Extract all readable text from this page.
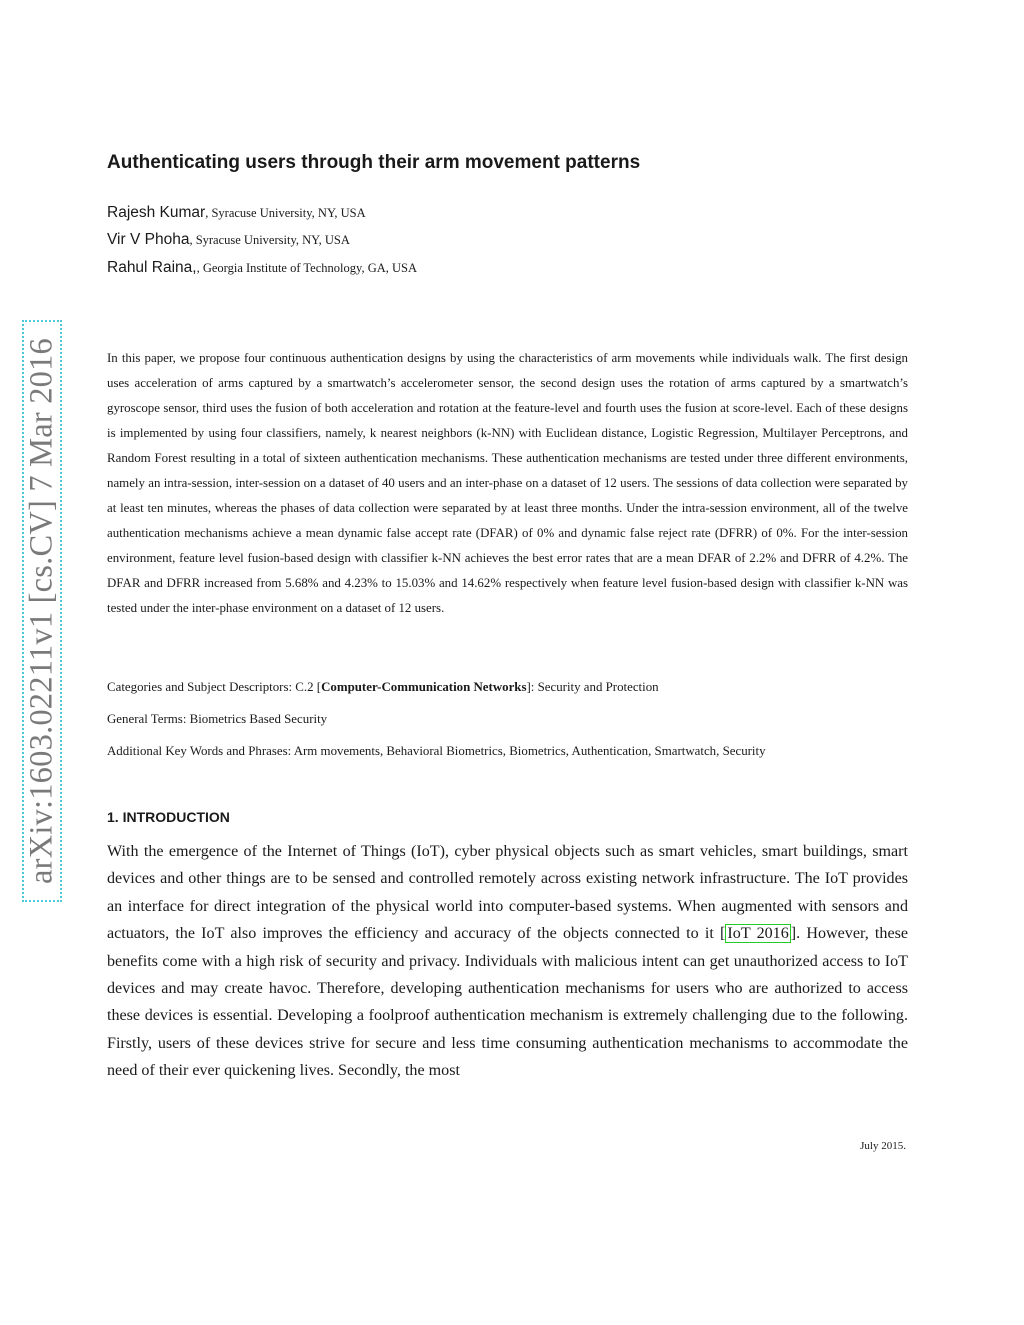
arXiv:1603.02211v1 [cs.CV] 7 Mar 2016
Authenticating users through their arm movement patterns
Rajesh Kumar, Syracuse University, NY, USA
Vir V Phoha, Syracuse University, NY, USA
Rahul Raina,, Georgia Institute of Technology, GA, USA

In this paper, we propose four continuous authentication designs by using the characteristics of arm movements while individuals walk. The first design uses acceleration of arms captured by a smartwatch’s accelerometer sensor, the second design uses the rotation of arms captured by a smartwatch’s gyroscope sensor, third uses the fusion of both acceleration and rotation at the feature-level and fourth uses the fusion at score-level. Each of these designs is implemented by using four classifiers, namely, k nearest neighbors (k-NN) with Euclidean distance, Logistic Regression, Multilayer Perceptrons, and Random Forest resulting in a total of sixteen authentication mechanisms. These authentication mechanisms are tested under three different environments, namely an intra-session, inter-session on a dataset of 40 users and an inter-phase on a dataset of 12 users. The sessions of data collection were separated by at least ten minutes, whereas the phases of data collection were separated by at least three months. Under the intra-session environment, all of the twelve authentication mechanisms achieve a mean dynamic false accept rate (DFAR) of 0% and dynamic false reject rate (DFRR) of 0%. For the inter-session environment, feature level fusion-based design with classifier k-NN achieves the best error rates that are a mean DFAR of 2.2% and DFRR of 4.2%. The DFAR and DFRR increased from 5.68% and 4.23% to 15.03% and 14.62% respectively when feature level fusion-based design with classifier k-NN was tested under the inter-phase environment on a dataset of 12 users.

Categories and Subject Descriptors: C.2 [Computer-Communication Networks]: Security and Protection
General Terms: Biometrics Based Security
Additional Key Words and Phrases: Arm movements, Behavioral Biometrics, Biometrics, Authentication, Smartwatch, Security
1. INTRODUCTION

With the emergence of the Internet of Things (IoT), cyber physical objects such as smart vehicles, smart buildings, smart devices and other things are to be sensed and controlled remotely across existing network infrastructure. The IoT provides an interface for direct integration of the physical world into computer-based systems. When augmented with sensors and actuators, the IoT also improves the efficiency and accuracy of the objects connected to it [ IoT 2016 ]. However, these benefits come with a high risk of security and privacy. Individuals with malicious intent can get unauthorized access to IoT devices and may create havoc. Therefore, developing authentication mechanisms for users who are authorized to access these devices is essential. Developing a foolproof authentication mechanism is extremely challenging due to the following. Firstly, users of these devices strive for secure and less time consuming authentication mechanisms to accommodate the need of their ever quickening lives. Secondly, the most

July 2015.
